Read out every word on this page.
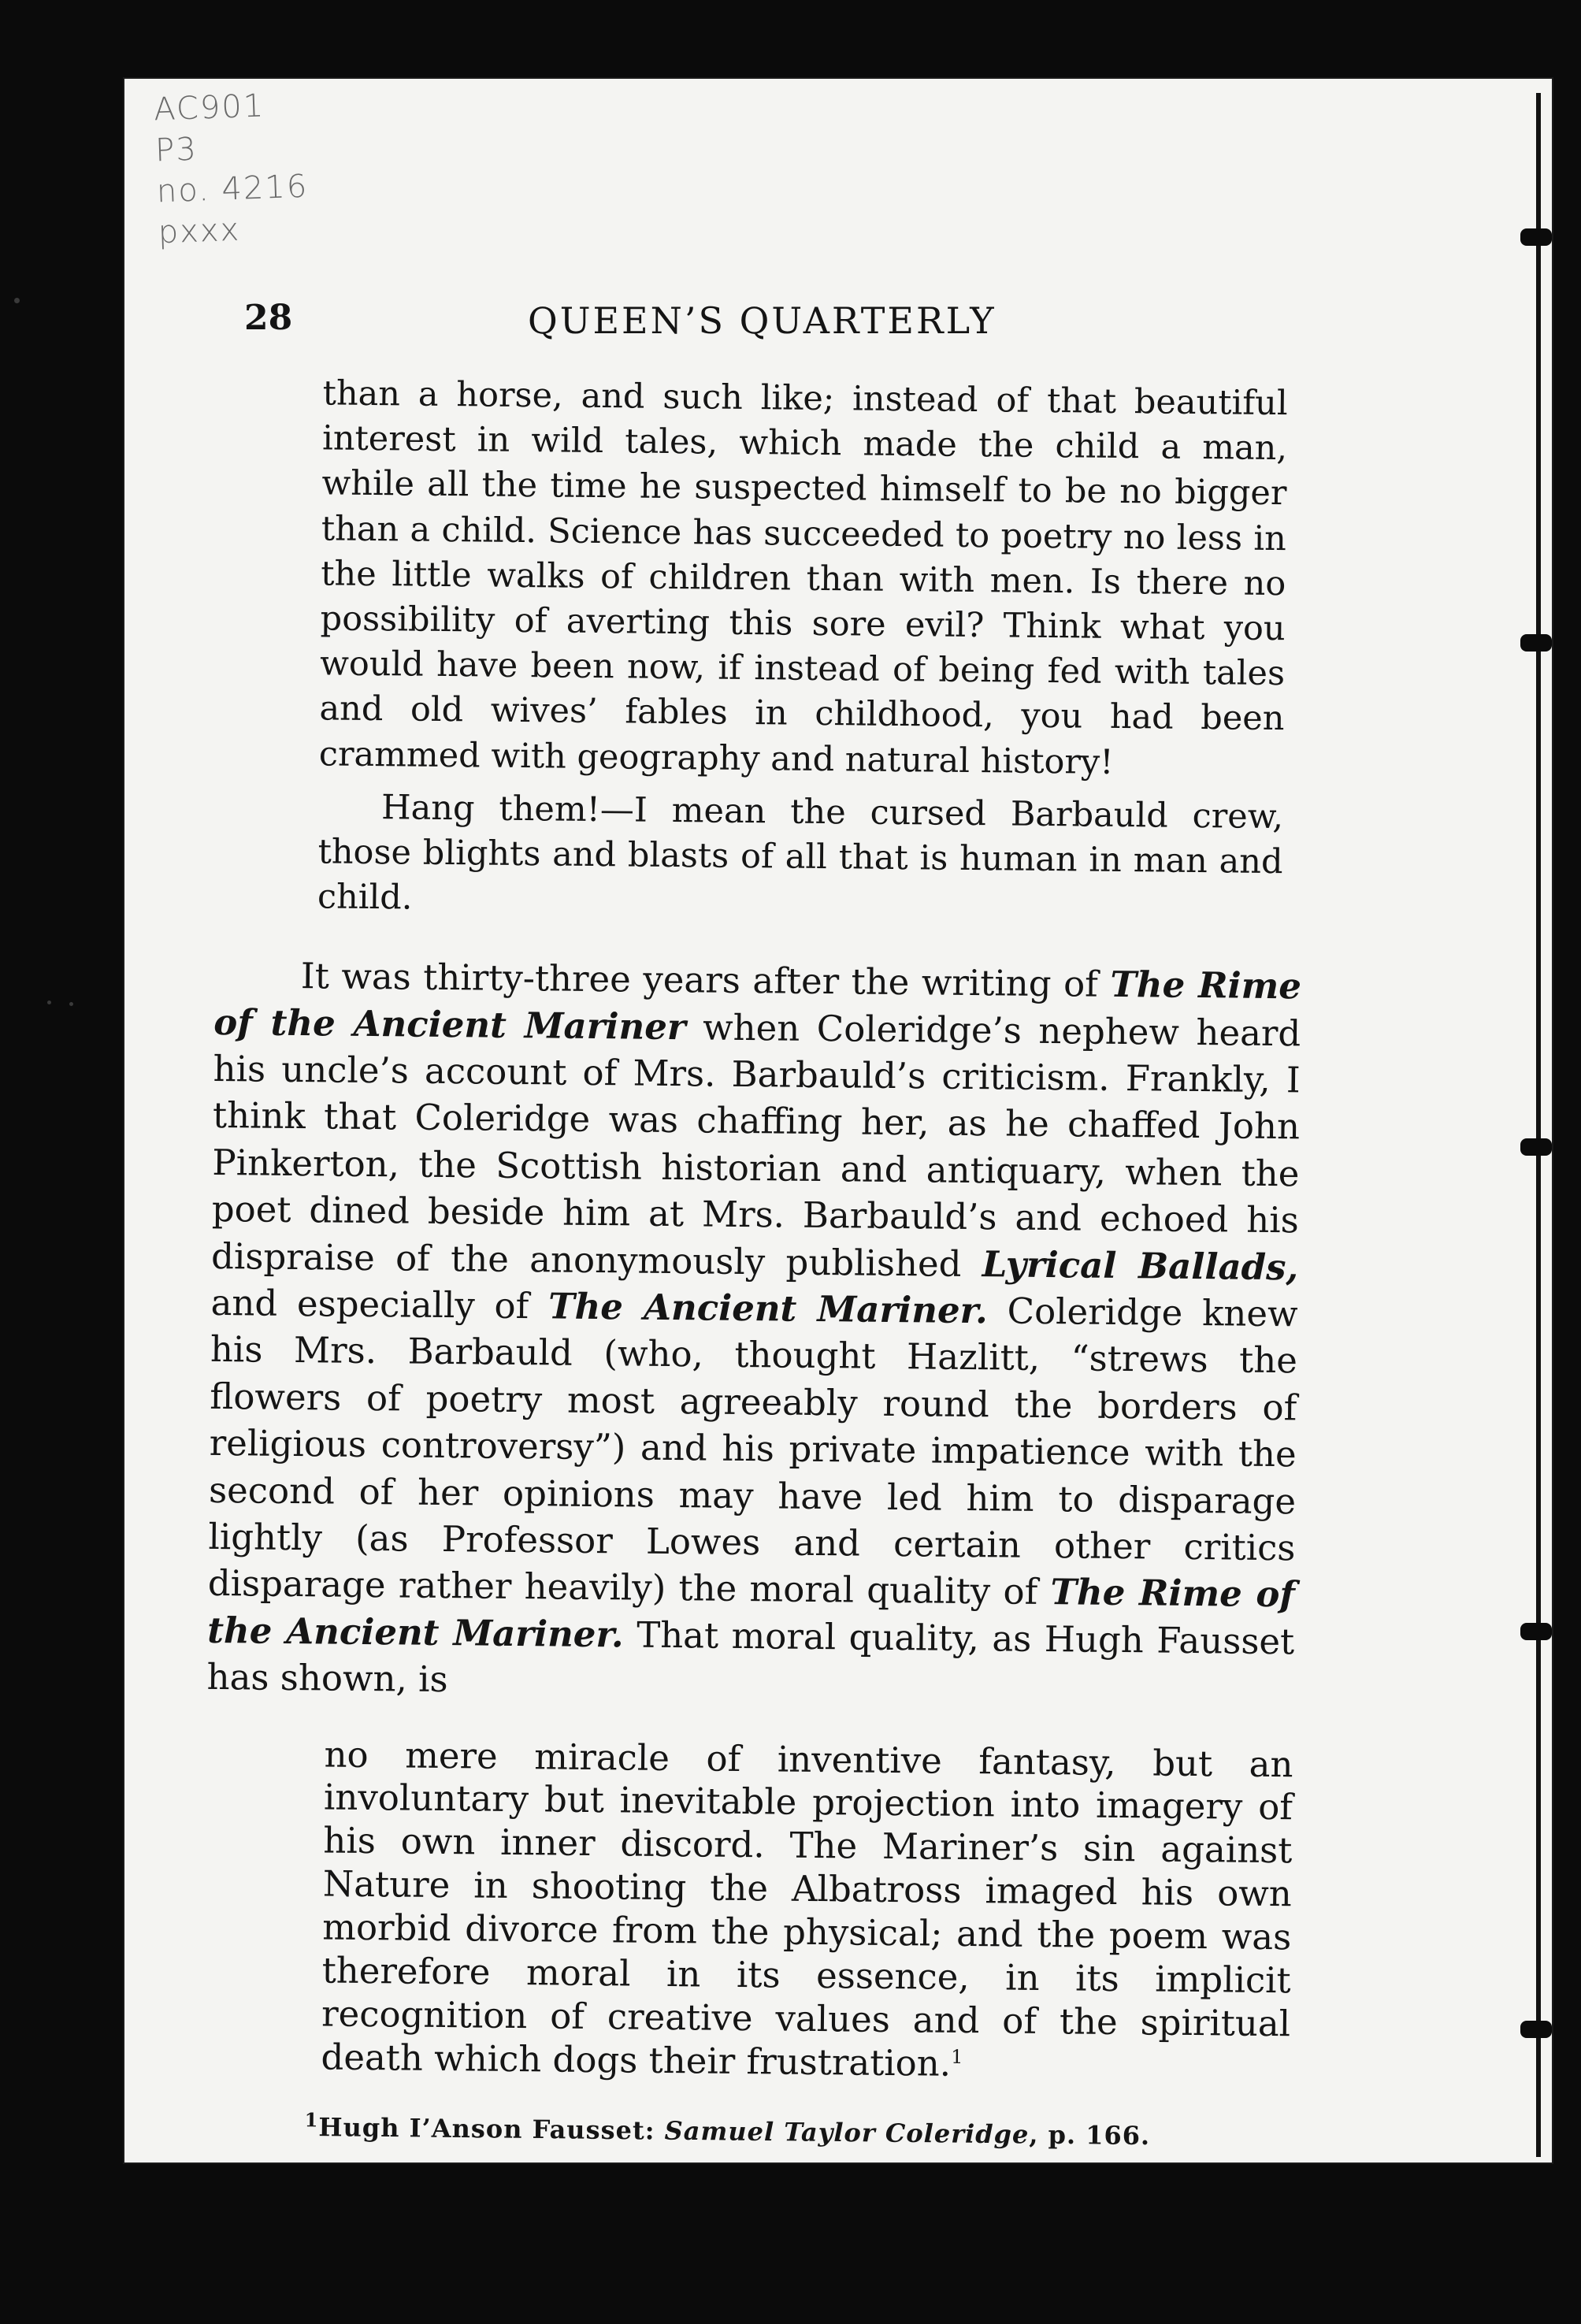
AC901
P3
no. 4216
pxxx
28	QUEEN’S QUARTERLY

than a horse, and such like; instead of that beautiful interest in wild tales, which made the child a man, while all the time he suspected himself to be no bigger than a child. Science has succeeded to poetry no less in the little walks of children than with men. Is there no possibility of averting this sore evil? Think what you would have been now, if instead of being fed with tales and old wives’ fables in childhood, you had been crammed with geography and natural history!

Hang them!—I mean the cursed Barbauld crew, those blights and blasts of all that is human in man and child.

It was thirty-three years after the writing of The Rime of the Ancient Mariner when Coleridge’s nephew heard his uncle’s account of Mrs. Barbauld’s criticism. Frankly, I think that Coleridge was chaffing her, as he chaffed John Pinkerton, the Scottish historian and antiquary, when the poet dined beside him at Mrs. Barbauld’s and echoed his dispraise of the anonymously published Lyrical Ballads, and especially of The Ancient Mariner. Coleridge knew his Mrs. Barbauld (who, thought Hazlitt, “strews the flowers of poetry most agreeably round the borders of religious controversy”) and his private impatience with the second of her opinions may have led him to disparage lightly (as Professor Lowes and certain other critics disparage rather heavily) the moral quality of The Rime of the Ancient Mariner. That moral quality, as Hugh Fausset has shown, is

no mere miracle of inventive fantasy, but an involuntary but inevitable projection into imagery of his own inner discord. The Mariner’s sin against Nature in shooting the Albatross imaged his own morbid divorce from the physical; and the poem was therefore moral in its essence, in its implicit recognition of creative values and of the spiritual death which dogs their frustration.$^1$

$^1$Hugh I’Anson Fausset: Samuel Taylor Coleridge, p. 166.
